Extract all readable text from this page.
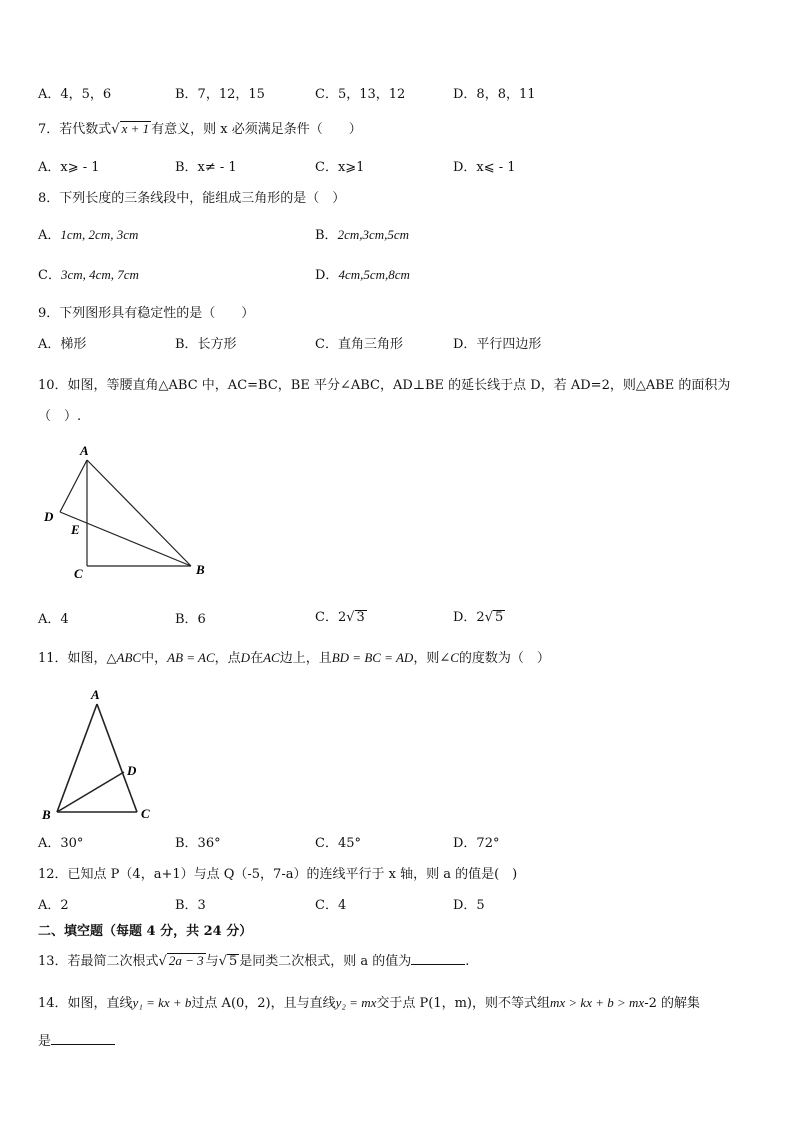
A．4，5，6	B．7，12，15	C．5，13，12	D．8，8，11
7．若代数式√ x + 1 有意义，则 x 必须满足条件（　　）
A．x⩾ - 1	B．x≠ - 1	C．x⩾1	D．x⩽ - 1
8．下列长度的三条线段中，能组成三角形的是（　）
A．1cm, 2cm, 3cm	B．2cm,3cm,5cm
C．3cm, 4cm, 7cm	D．4cm,5cm,8cm
9．下列图形具有稳定性的是（　　）
A．梯形	B．长方形	C．直角三角形	D．平行四边形
10．如图，等腰直角△ABC 中，AC=BC，BE 平分∠ABC，AD⊥BE 的延长线于点 D，若 AD=2，则△ABE 的面积为
（　）.
A
D
E
C	B
A．4	B．6	C．2√ 3	D．2√ 5
11．如图，△ABC中，AB = AC，点D在AC边上，且BD = BC = AD，则∠C的度数为（　）
A
D
B	C
A．30°	B．36°	C．45°	D．72°
12．已知点 P（4，a+1）与点 Q（-5，7-a）的连线平行于 x 轴，则 a 的值是(　)
A．2	B．3	C．4	D．5
二、填空题（每题 4 分，共 24 分）
13．若最简二次根式√ 2a − 3 与√ 5 是同类二次根式，则 a 的值为	.
14．如图，直线y₁ = kx + b过点 A(0，2)，且与直线y₂ = mx交于点 P(1，m)，则不等式组mx > kx + b > mx-2 的解集
是
